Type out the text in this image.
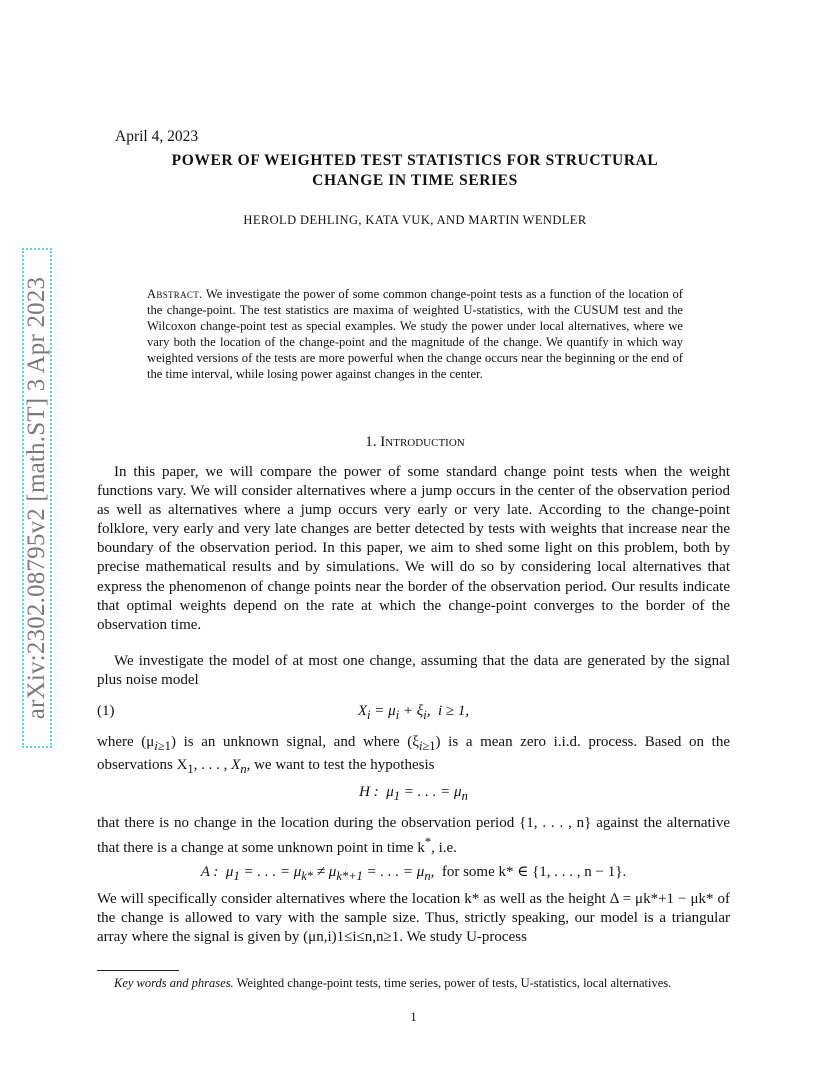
arXiv:2302.08795v2 [math.ST] 3 Apr 2023
April 4, 2023
POWER OF WEIGHTED TEST STATISTICS FOR STRUCTURAL
CHANGE IN TIME SERIES
HEROLD DEHLING, KATA VUK, AND MARTIN WENDLER
Abstract. We investigate the power of some common change-point tests as a function of the location of the change-point. The test statistics are maxima of weighted U-statistics, with the CUSUM test and the Wilcoxon change-point test as special examples. We study the power under local alternatives, where we vary both the location of the change-point and the magnitude of the change. We quantify in which way weighted versions of the tests are more powerful when the change occurs near the beginning or the end of the time interval, while losing power against changes in the center.
1. Introduction
In this paper, we will compare the power of some standard change point tests when the weight functions vary. We will consider alternatives where a jump occurs in the center of the observation period as well as alternatives where a jump occurs very early or very late. According to the change-point folklore, very early and very late changes are better detected by tests with weights that increase near the boundary of the observation period. In this paper, we aim to shed some light on this problem, both by precise mathematical results and by simulations. We will do so by considering local alternatives that express the phenomenon of change points near the border of the observation period. Our results indicate that optimal weights depend on the rate at which the change-point converges to the border of the observation time.
We investigate the model of at most one change, assuming that the data are generated by the signal plus noise model
(1)	$X_i = \mu_i + \xi_i$,  i ≥ 1,
where $(\mu_{i\ge 1})$ is an unknown signal, and where $(\xi_{i\ge 1})$ is a mean zero i.i.d. process. Based on the observations $X_1$, . . . , $X_n$, we want to test the hypothesis
H :  $\mu_1$ = . . . = $\mu_n$
that there is no change in the location during the observation period {1, . . . , n} against the alternative that there is a change at some unknown point in time k*, i.e.
A :  $\mu_1$ = . . . = $\mu_{k*} \ne \mu_{k*+1}$ = . . . = $\mu_n$,  for some k* ∈ {1, . . . , n − 1}.
We will specifically consider alternatives where the location k* as well as the height Δ = μk*+1 − μk* of the change is allowed to vary with the sample size. Thus, strictly speaking, our model is a triangular array where the signal is given by (μn,i)1≤i≤n,n≥1. We study U-process
Key words and phrases. Weighted change-point tests, time series, power of tests, U-statistics, local alternatives.
1
